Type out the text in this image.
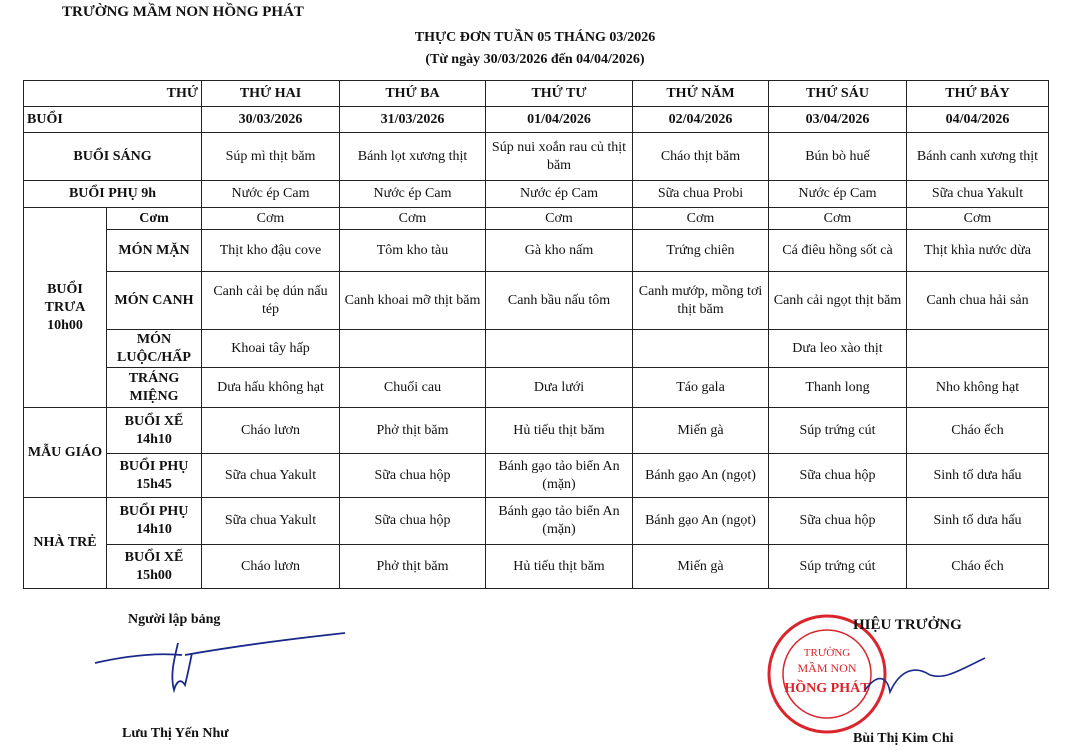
TRƯỜNG MẦM NON HỒNG PHÁT
THỰC ĐƠN TUẦN 05 THÁNG 03/2026
(Từ ngày 30/03/2026 đến 04/04/2026)
THỨ		THỨ HAI	THỨ BA	THỨ TƯ	THỨ NĂM	THỨ SÁU	THỨ BẢY
BUỔI		30/03/2026	31/03/2026	01/04/2026	02/04/2026	03/04/2026	04/04/2026
BUỔI SÁNG		Súp mì thịt băm	Bánh lọt xương thịt	Súp nui xoắn rau củ thịt băm	Cháo thịt băm	Bún bò huế	Bánh canh xương thịt
BUỔI PHỤ 9h		Nước ép Cam	Nước ép Cam	Nước ép Cam	Sữa chua Probi	Nước ép Cam	Sữa chua Yakult
BUỔI TRƯA 10h00	Cơm	Cơm	Cơm	Cơm	Cơm	Cơm	Cơm
	MÓN MẶN	Thịt kho đậu cove	Tôm kho tàu	Gà kho nấm	Trứng chiên	Cá điêu hồng sốt cà	Thịt khìa nước dừa
	MÓN CANH	Canh cải bẹ dún nấu tép	Canh khoai mỡ thịt băm	Canh bầu nấu tôm	Canh mướp, mồng tơi thịt băm	Canh cải ngọt thịt băm	Canh chua hải sản
	MÓN LUỘC/HẤP	Khoai tây hấp				Dưa leo xào thịt	
	TRÁNG MIỆNG	Dưa hấu không hạt	Chuối cau	Dưa lưới	Táo gala	Thanh long	Nho không hạt
MẪU GIÁO	BUỔI XẾ 14h10	Cháo lươn	Phở thịt băm	Hủ tiếu thịt băm	Miến gà	Súp trứng cút	Cháo ếch
	BUỔI PHỤ 15h45	Sữa chua Yakult	Sữa chua hộp	Bánh gạo tảo biển An (mặn)	Bánh gạo An (ngọt)	Sữa chua hộp	Sinh tố dưa hấu
NHÀ TRẺ	BUỔI PHỤ 14h10	Sữa chua Yakult	Sữa chua hộp	Bánh gạo tảo biển An (mặn)	Bánh gạo An (ngọt)	Sữa chua hộp	Sinh tố dưa hấu
	BUỔI XẾ 15h00	Cháo lươn	Phở thịt băm	Hủ tiếu thịt băm	Miến gà	Súp trứng cút	Cháo ếch
Người lập bảng
Lưu Thị Yến Như
TRƯỜNG
MẦM NON
HỒNG PHÁT
HIỆU TRƯỞNG
Bùi Thị Kim Chi
